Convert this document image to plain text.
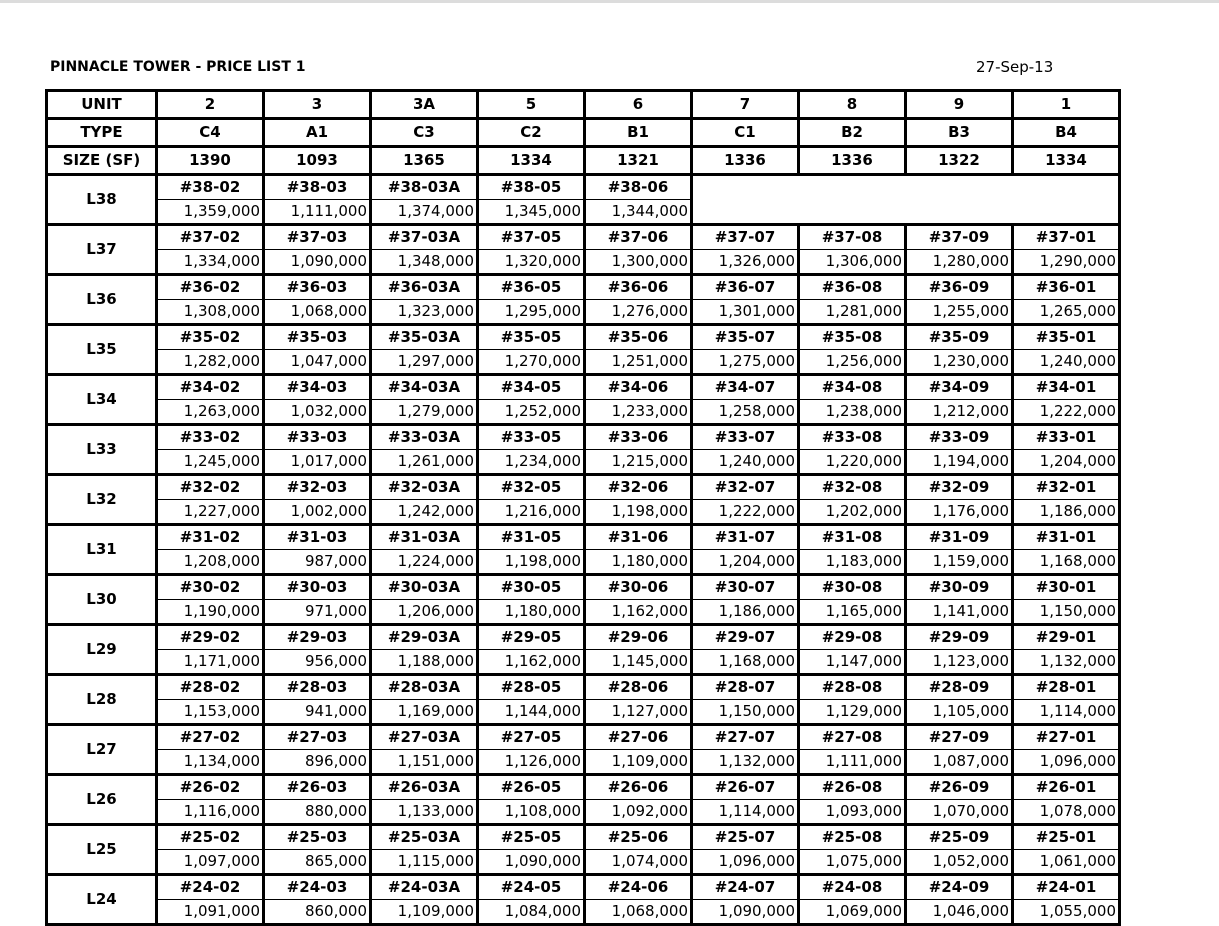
PINNACLE TOWER - PRICE LIST 1	27-Sep-13
UNIT	2	3	3A	5	6	7	8	9	1
TYPE	C4	A1	C3	C2	B1	C1	B2	B3	B4
SIZE (SF)	1390	1093	1365	1334	1321	1336	1336	1322	1334
L38	#38-02	#38-03	#38-03A	#38-05	#38-06				
	1,359,000	1,111,000	1,374,000	1,345,000	1,344,000				
L37	#37-02	#37-03	#37-03A	#37-05	#37-06	#37-07	#37-08	#37-09	#37-01
	1,334,000	1,090,000	1,348,000	1,320,000	1,300,000	1,326,000	1,306,000	1,280,000	1,290,000
L36	#36-02	#36-03	#36-03A	#36-05	#36-06	#36-07	#36-08	#36-09	#36-01
	1,308,000	1,068,000	1,323,000	1,295,000	1,276,000	1,301,000	1,281,000	1,255,000	1,265,000
L35	#35-02	#35-03	#35-03A	#35-05	#35-06	#35-07	#35-08	#35-09	#35-01
	1,282,000	1,047,000	1,297,000	1,270,000	1,251,000	1,275,000	1,256,000	1,230,000	1,240,000
L34	#34-02	#34-03	#34-03A	#34-05	#34-06	#34-07	#34-08	#34-09	#34-01
	1,263,000	1,032,000	1,279,000	1,252,000	1,233,000	1,258,000	1,238,000	1,212,000	1,222,000
L33	#33-02	#33-03	#33-03A	#33-05	#33-06	#33-07	#33-08	#33-09	#33-01
	1,245,000	1,017,000	1,261,000	1,234,000	1,215,000	1,240,000	1,220,000	1,194,000	1,204,000
L32	#32-02	#32-03	#32-03A	#32-05	#32-06	#32-07	#32-08	#32-09	#32-01
	1,227,000	1,002,000	1,242,000	1,216,000	1,198,000	1,222,000	1,202,000	1,176,000	1,186,000
L31	#31-02	#31-03	#31-03A	#31-05	#31-06	#31-07	#31-08	#31-09	#31-01
	1,208,000	987,000	1,224,000	1,198,000	1,180,000	1,204,000	1,183,000	1,159,000	1,168,000
L30	#30-02	#30-03	#30-03A	#30-05	#30-06	#30-07	#30-08	#30-09	#30-01
	1,190,000	971,000	1,206,000	1,180,000	1,162,000	1,186,000	1,165,000	1,141,000	1,150,000
L29	#29-02	#29-03	#29-03A	#29-05	#29-06	#29-07	#29-08	#29-09	#29-01
	1,171,000	956,000	1,188,000	1,162,000	1,145,000	1,168,000	1,147,000	1,123,000	1,132,000
L28	#28-02	#28-03	#28-03A	#28-05	#28-06	#28-07	#28-08	#28-09	#28-01
	1,153,000	941,000	1,169,000	1,144,000	1,127,000	1,150,000	1,129,000	1,105,000	1,114,000
L27	#27-02	#27-03	#27-03A	#27-05	#27-06	#27-07	#27-08	#27-09	#27-01
	1,134,000	896,000	1,151,000	1,126,000	1,109,000	1,132,000	1,111,000	1,087,000	1,096,000
L26	#26-02	#26-03	#26-03A	#26-05	#26-06	#26-07	#26-08	#26-09	#26-01
	1,116,000	880,000	1,133,000	1,108,000	1,092,000	1,114,000	1,093,000	1,070,000	1,078,000
L25	#25-02	#25-03	#25-03A	#25-05	#25-06	#25-07	#25-08	#25-09	#25-01
	1,097,000	865,000	1,115,000	1,090,000	1,074,000	1,096,000	1,075,000	1,052,000	1,061,000
L24	#24-02	#24-03	#24-03A	#24-05	#24-06	#24-07	#24-08	#24-09	#24-01
	1,091,000	860,000	1,109,000	1,084,000	1,068,000	1,090,000	1,069,000	1,046,000	1,055,000
